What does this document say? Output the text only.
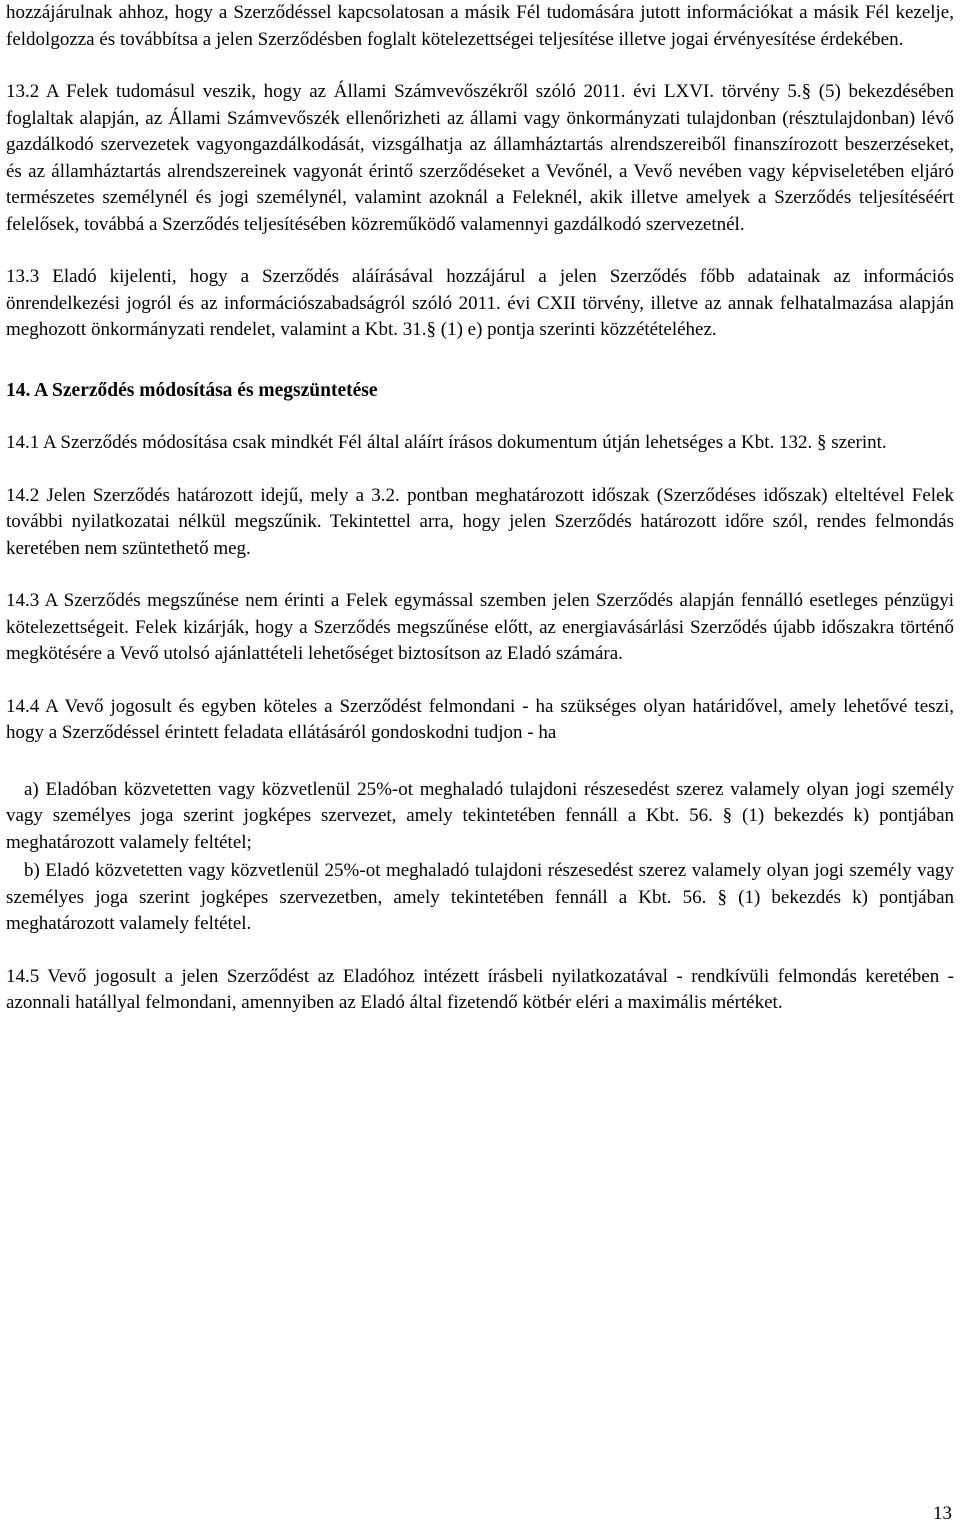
hozzájárulnak ahhoz, hogy a Szerződéssel kapcsolatosan a másik Fél tudomására jutott információkat a másik Fél kezelje, feldolgozza és továbbítsa a jelen Szerződésben foglalt kötelezettségei teljesítése illetve jogai érvényesítése érdekében.

13.2 A Felek tudomásul veszik, hogy az Állami Számvevőszékről szóló 2011. évi LXVI. törvény 5.§ (5) bekezdésében foglaltak alapján, az Állami Számvevőszék ellenőrizheti az állami vagy önkormányzati tulajdonban (résztulajdonban) lévő gazdálkodó szervezetek vagyongazdálkodását, vizsgálhatja az államháztartás alrendszereiből finanszírozott beszerzéseket, és az államháztartás alrendszereinek vagyonát érintő szerződéseket a Vevőnél, a Vevő nevében vagy képviseletében eljáró természetes személynél és jogi személynél, valamint azoknál a Feleknél, akik illetve amelyek a Szerződés teljesítéséért felelősek, továbbá a Szerződés teljesítésében közreműködő valamennyi gazdálkodó szervezetnél.

13.3 Eladó kijelenti, hogy a Szerződés aláírásával hozzájárul a jelen Szerződés főbb adatainak az információs önrendelkezési jogról és az információszabadságról szóló 2011. évi CXII törvény, illetve az annak felhatalmazása alapján meghozott önkormányzati rendelet, valamint a Kbt. 31.§ (1) e) pontja szerinti közzétételéhez.

14. A Szerződés módosítása és megszüntetése

14.1 A Szerződés módosítása csak mindkét Fél által aláírt írásos dokumentum útján lehetséges a Kbt. 132. § szerint.

14.2 Jelen Szerződés határozott idejű, mely a 3.2. pontban meghatározott időszak (Szerződéses időszak) elteltével Felek további nyilatkozatai nélkül megszűnik. Tekintettel arra, hogy jelen Szerződés határozott időre szól, rendes felmondás keretében nem szüntethető meg.

14.3 A Szerződés megszűnése nem érinti a Felek egymással szemben jelen Szerződés alapján fennálló esetleges pénzügyi kötelezettségeit. Felek kizárják, hogy a Szerződés megszűnése előtt, az energiavásárlási Szerződés újabb időszakra történő megkötésére a Vevő utolsó ajánlattételi lehetőséget biztosítson az Eladó számára.

14.4 A Vevő jogosult és egyben köteles a Szerződést felmondani - ha szükséges olyan határidővel, amely lehetővé teszi, hogy a Szerződéssel érintett feladata ellátásáról gondoskodni tudjon - ha

a) Eladóban közvetetten vagy közvetlenül 25%-ot meghaladó tulajdoni részesedést szerez valamely olyan jogi személy vagy személyes joga szerint jogképes szervezet, amely tekintetében fennáll a Kbt. 56. § (1) bekezdés k) pontjában meghatározott valamely feltétel;

b) Eladó közvetetten vagy közvetlenül 25%-ot meghaladó tulajdoni részesedést szerez valamely olyan jogi személy vagy személyes joga szerint jogképes szervezetben, amely tekintetében fennáll a Kbt. 56. § (1) bekezdés k) pontjában meghatározott valamely feltétel.

14.5 Vevő jogosult a jelen Szerződést az Eladóhoz intézett írásbeli nyilatkozatával - rendkívüli felmondás keretében - azonnali hatállyal felmondani, amennyiben az Eladó által fizetendő kötbér eléri a maximális mértéket.

13
